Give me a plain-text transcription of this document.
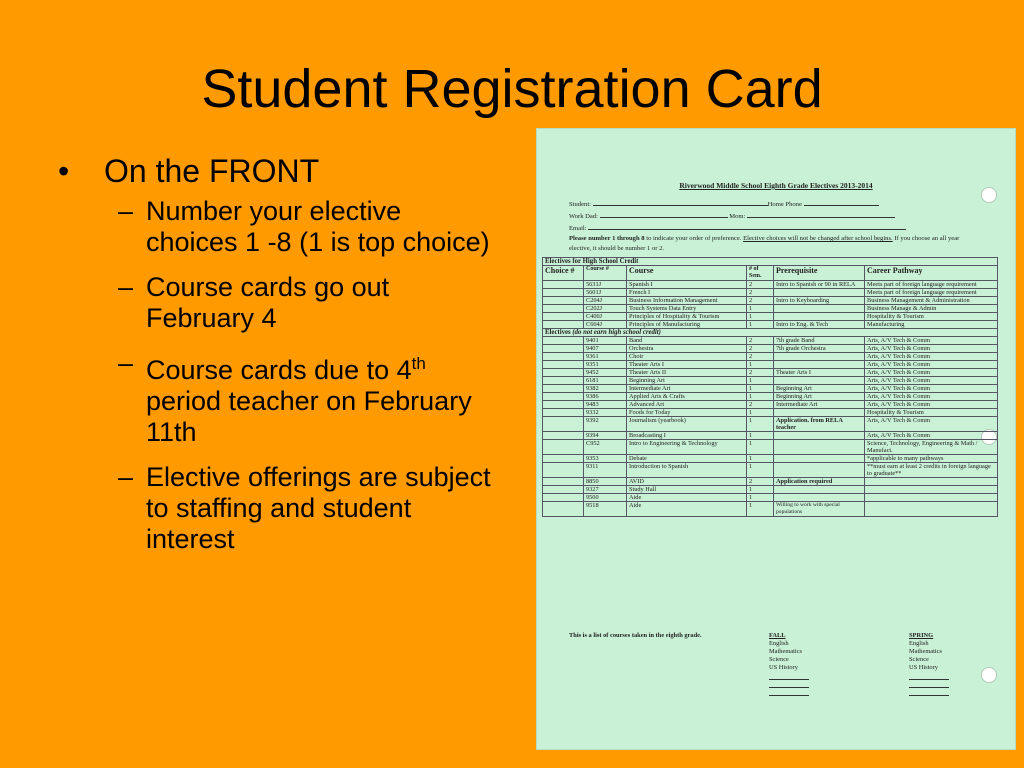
Student Registration Card
• On the FRONT
– Number your elective choices 1 -8 (1 is top choice)
– Course cards go out February 4
– Course cards due to 4th period teacher on February 11th
– Elective offerings are subject to staffing and student interest
Riverwood Middle School Eighth Grade Electives 2013-2014
Student:	Home Phone
Work Dad:	Mom:
Email:
Please number 1 through 8 to indicate your order of preference. Elective choices will not be changed after school begins. If you choose an all year elective, it should be number 1 or 2.
Electives for High School Credit					
Choice #	Course #	Course	# of Sem.	Prerequisite	Career Pathway
	5631J	Spanish I	2	Intro to Spanish or 90 in RELA	Meets part of foreign language requirement
	5601J	French I	2		Meets part of foreign language requirement
	C204J	Business Information Management	2	Intro to Keyboarding	Business Management & Administration
	C202J	Touch Systems Data Entry	1		Business Manage & Admin
	C400J	Principles of Hospitality & Tourism	1		Hospitality & Tourism
	C604J	Principles of Manufacturing	1	Intro to Eng. & Tech	Manufacturing
Electives (do not earn high school credit)					
	9401	Band	2	7th grade Band	Arts, A/V Tech & Comm
	9407	Orchestra	2	7th grade Orchestra	Arts, A/V Tech & Comm
	9361	Choir	2		Arts, A/V Tech & Comm
	9351	Theater Arts I	1		Arts, A/V Tech & Comm
	9452	Theater Arts II	2	Theater Arts I	Arts, A/V Tech & Comm
	6181	Beginning Art	1		Arts, A/V Tech & Comm
	9382	Intermediate Art	1	Beginning Art	Arts, A/V Tech & Comm
	9386	Applied Arts & Crafts	1	Beginning Art	Arts, A/V Tech & Comm
	9483	Advanced Art	2	Intermediate Art	Arts, A/V Tech & Comm
	9332	Foods for Today	1		Hospitality & Tourism
	9392	Journalism (yearbook)	1	Application. from RELA teacher	Arts, A/V Tech & Comm
	9394	Broadcasting I	1		Arts, A/V Tech & Comm
	C952	Intro to Engineering & Technology	1		Science, Technology, Engineering & Math / Manufact.
	9353	Debate	1		*applicable to many pathways
	9311	Introduction to Spanish	1		**must earn at least 2 credits in foreign language to graduate**
	8850	AVID	2	Application required	
	9327	Study Hall	1		
	9500	Aide	1		
	9518	Aide	1	Willing to work with special populations	
This is a list of courses taken in the eighth grade.	FALL
English
Mathematics
Science
US History
SPRING
English
Mathematics
Science
US History
